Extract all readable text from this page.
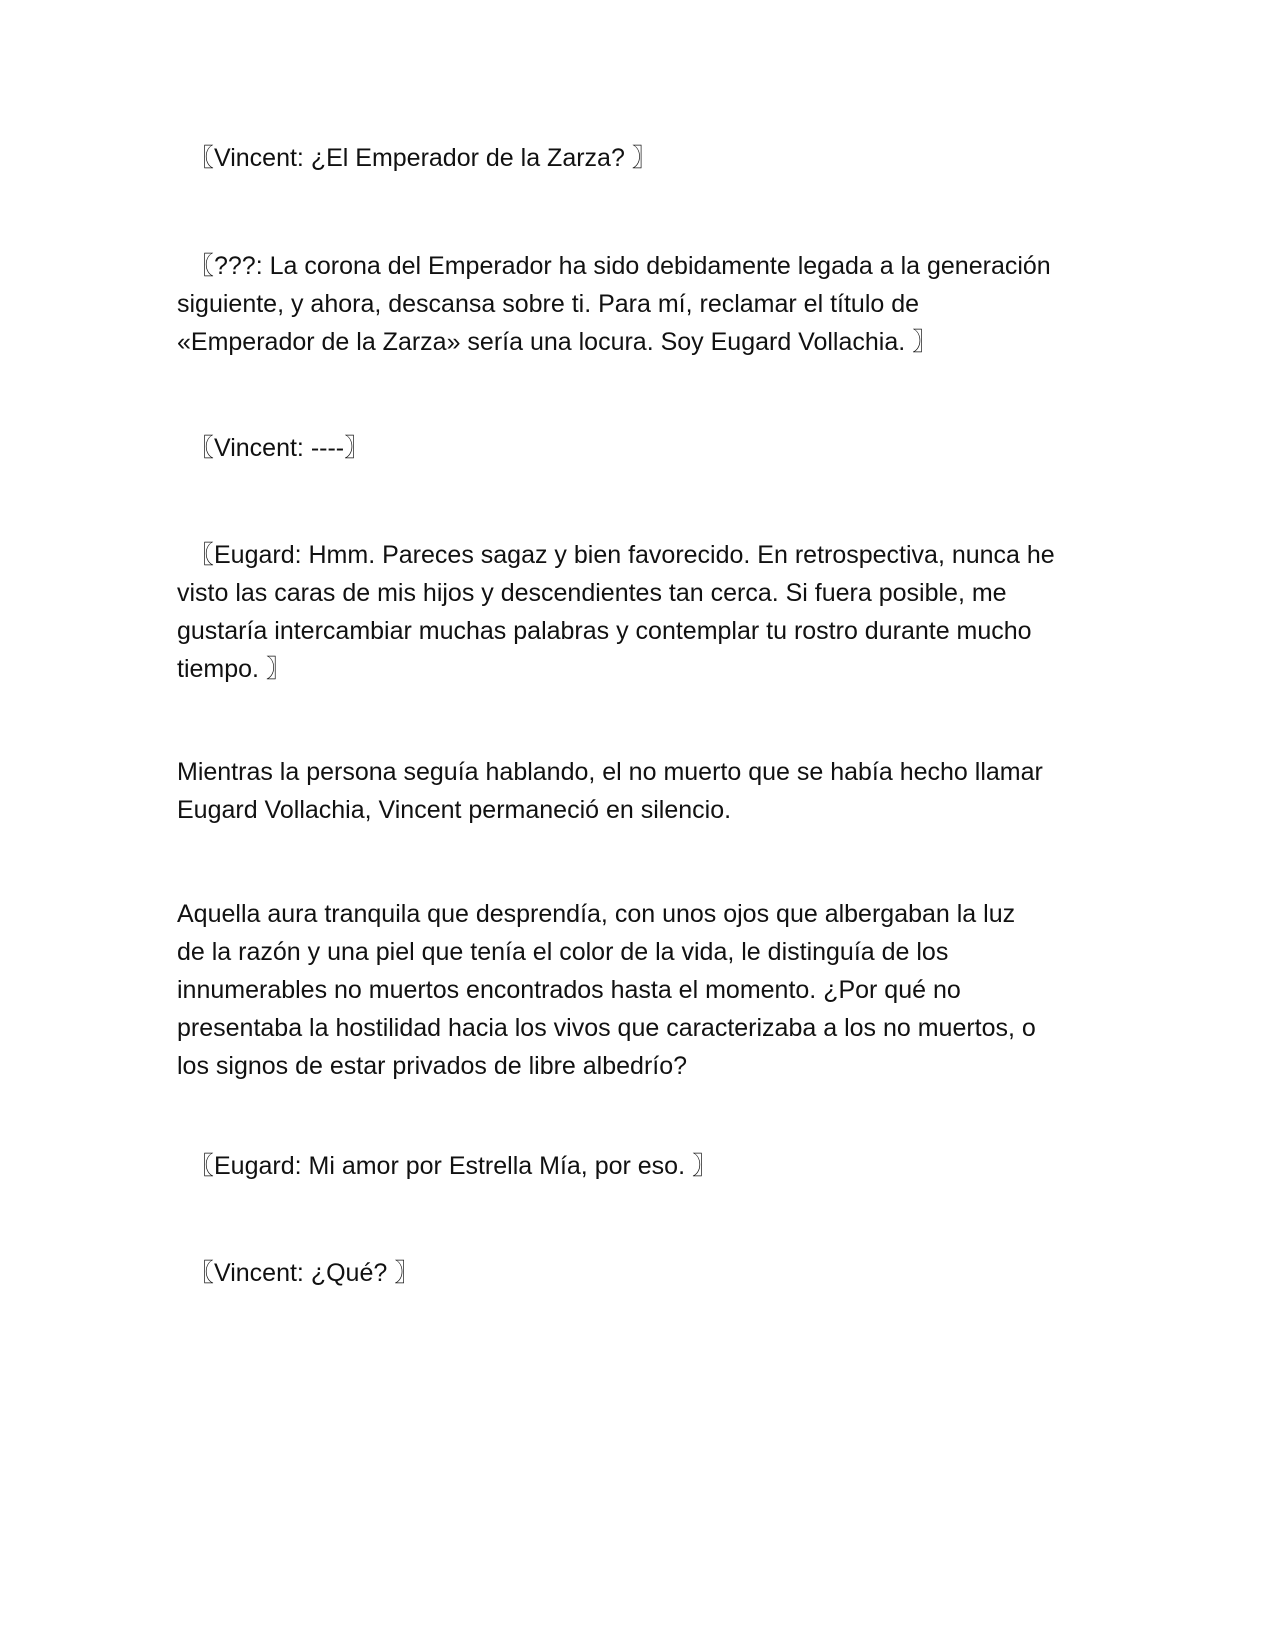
〖Vincent: ¿El Emperador de la Zarza? 〗

〖???: La corona del Emperador ha sido debidamente legada a la generación
siguiente, y ahora, descansa sobre ti. Para mí, reclamar el título de
«Emperador de la Zarza» sería una locura. Soy Eugard Vollachia. 〗

〖Vincent: ----〗

〖Eugard: Hmm. Pareces sagaz y bien favorecido. En retrospectiva, nunca he
visto las caras de mis hijos y descendientes tan cerca. Si fuera posible, me
gustaría intercambiar muchas palabras y contemplar tu rostro durante mucho
tiempo. 〗

Mientras la persona seguía hablando, el no muerto que se había hecho llamar
Eugard Vollachia, Vincent permaneció en silencio.

Aquella aura tranquila que desprendía, con unos ojos que albergaban la luz
de la razón y una piel que tenía el color de la vida, le distinguía de los
innumerables no muertos encontrados hasta el momento. ¿Por qué no
presentaba la hostilidad hacia los vivos que caracterizaba a los no muertos, o
los signos de estar privados de libre albedrío?

〖Eugard: Mi amor por Estrella Mía, por eso. 〗

〖Vincent: ¿Qué? 〗
